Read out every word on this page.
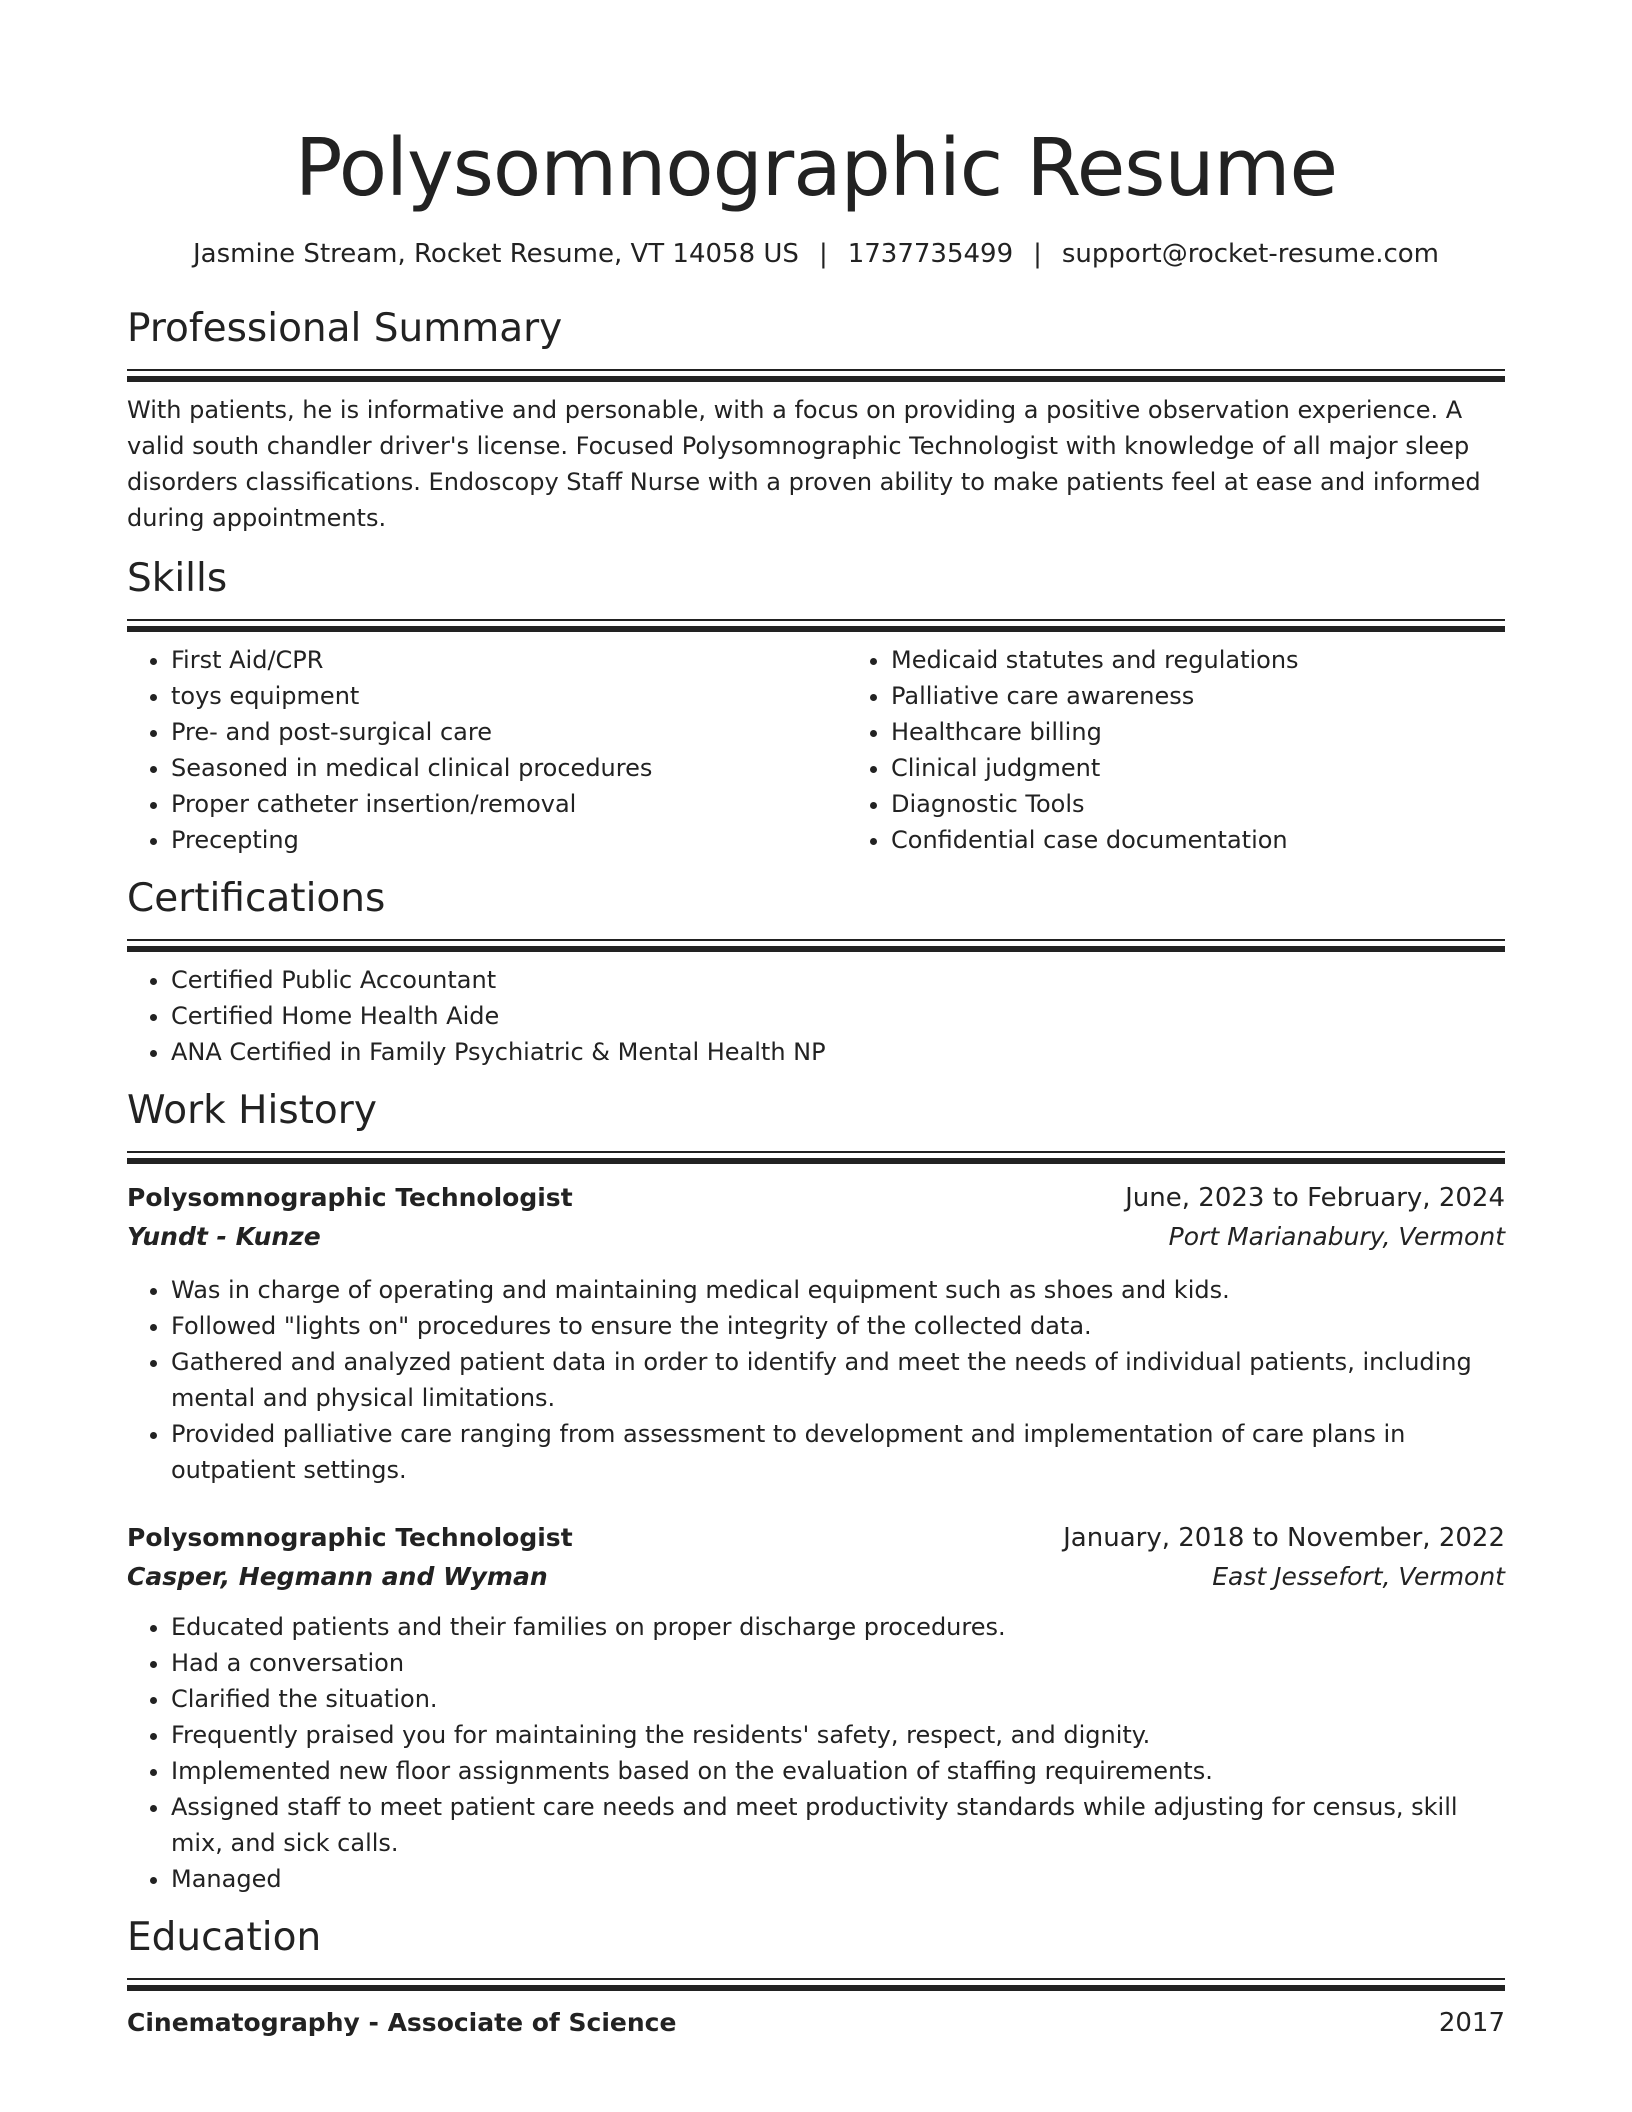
Polysomnographic Resume
Jasmine Stream, Rocket Resume, VT 14058 US | 1737735499 | support@rocket-resume.com
Professional Summary

With patients, he is informative and personable, with a focus on providing a positive observation experience. A valid south chandler driver's license. Focused Polysomnographic Technologist with knowledge of all major sleep disorders classifications. Endoscopy Staff Nurse with a proven ability to make patients feel at ease and informed during appointments.

Skills
• First Aid/CPR
• toys equipment
• Pre- and post-surgical care
• Seasoned in medical clinical procedures
• Proper catheter insertion/removal
• Precepting
• Medicaid statutes and regulations
• Palliative care awareness
• Healthcare billing
• Clinical judgment
• Diagnostic Tools
• Confidential case documentation
Certifications
• Certified Public Accountant
• Certified Home Health Aide
• ANA Certified in Family Psychiatric & Mental Health NP
Work History
Polysomnographic Technologist	June, 2023 to February, 2024
Yundt - Kunze	Port Marianabury, Vermont
• Was in charge of operating and maintaining medical equipment such as shoes and kids.
• Followed "lights on" procedures to ensure the integrity of the collected data.
• Gathered and analyzed patient data in order to identify and meet the needs of individual patients, including mental and physical limitations.
• Provided palliative care ranging from assessment to development and implementation of care plans in outpatient settings.
Polysomnographic Technologist	January, 2018 to November, 2022
Casper, Hegmann and Wyman	East Jessefort, Vermont
• Educated patients and their families on proper discharge procedures.
• Had a conversation
• Clarified the situation.
• Frequently praised you for maintaining the residents' safety, respect, and dignity.
• Implemented new floor assignments based on the evaluation of staffing requirements.
• Assigned staff to meet patient care needs and meet productivity standards while adjusting for census, skill mix, and sick calls.
• Managed
Education
Cinematography - Associate of Science	2017
